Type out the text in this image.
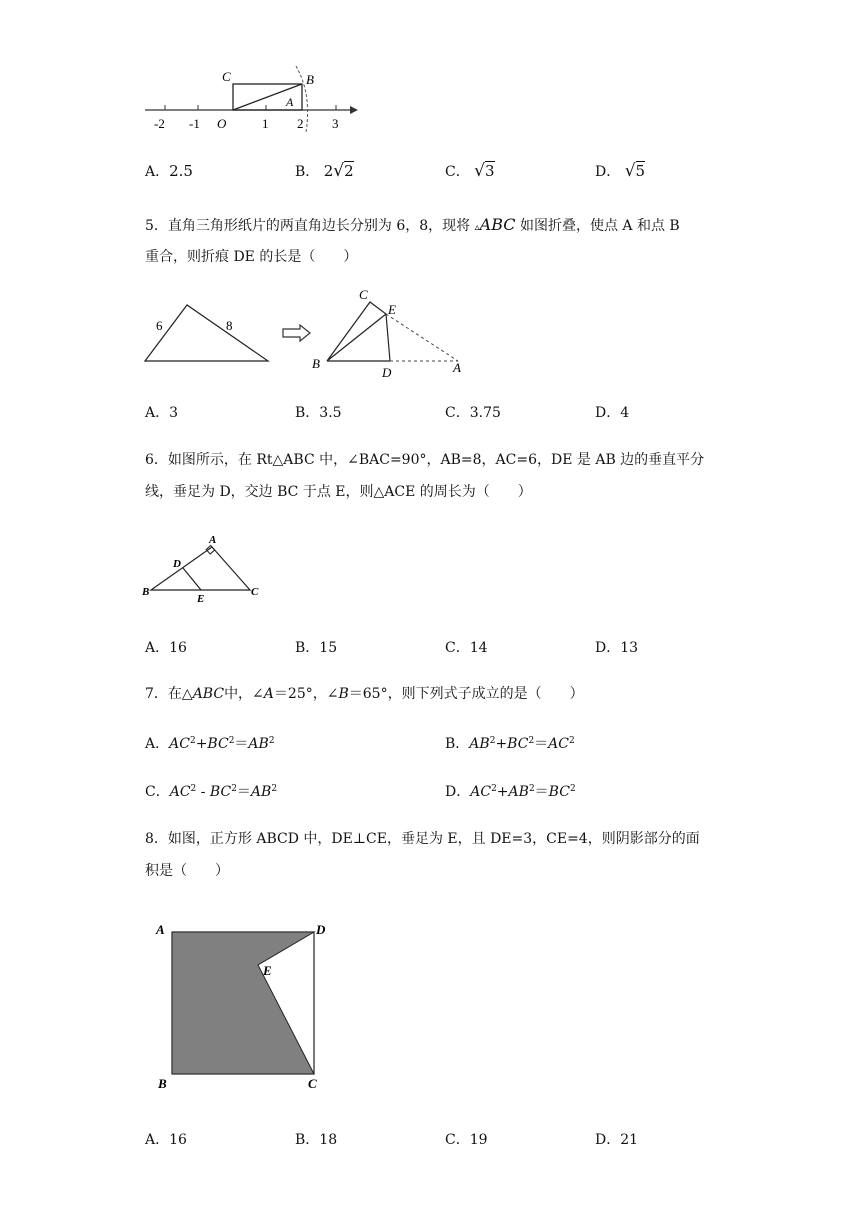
-2 -1 O	1 2 3
C	B
A
A．2.5	B． 2√2	C． √3	D． √5
5．直角三角形纸片的两直角边长分别为 6，8，现将 ▵ABC 如图折叠，使点 A 和点 B
重合，则折痕 DE 的长是（　　）
6	8
C
E
B
D	A
A．3	B．3.5	C．3.75	D．4
6．如图所示，在 Rt△ABC 中，∠BAC=90°，AB=8，AC=6，DE 是 AB 边的垂直平分
线，垂足为 D，交边 BC 于点 E，则△ACE 的周长为（　　）
A
D
B
E
C
A．16	B．15	C．14	D．13
7．在△ABC中，∠A＝25°，∠B＝65°，则下列式子成立的是（　　）
A．$AC^2+BC^2=AB^2$	B．$AB^2+BC^2=AC^2$
C．$AC^2 - BC^2=AB^2$	D．$AC^2+AB^2=BC^2$
8．如图，正方形 ABCD 中，DE⊥CE，垂足为 E，且 DE=3，CE=4，则阴影部分的面
积是（　　）
A	D
E
B	C
A．16	B．18	C．19	D．21
